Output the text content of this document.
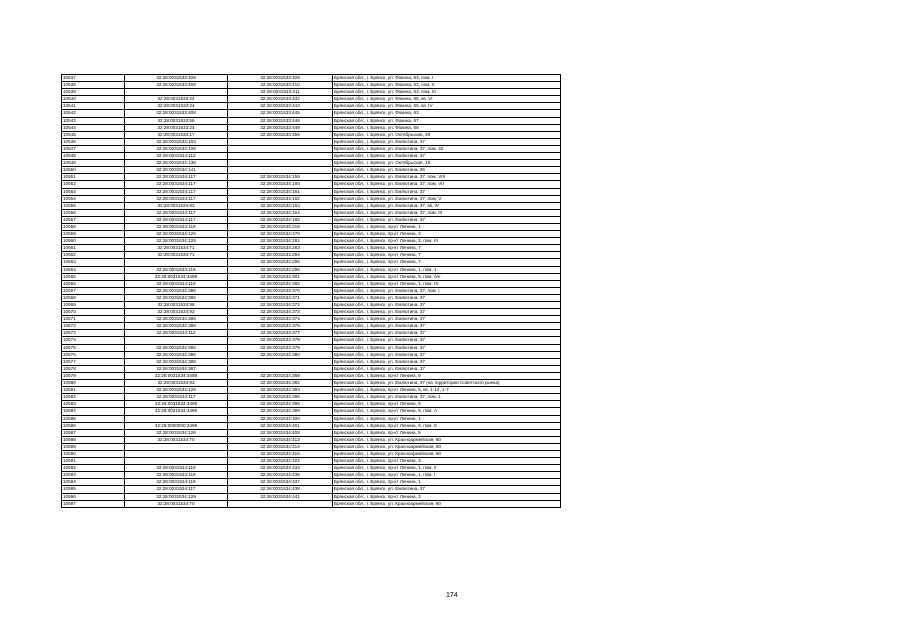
10537	32:28:0031533:408	32:28:0031533:409	Брянская обл., г. Брянск, ул. Фокина, 63, пом. I
10538	32:28:0031533:408	32:28:0031533:410	Брянская обл., г. Брянск, ул. Фокина, 63, пом. II
10539		32:28:0031533:411	Брянская обл., г. Брянск, ул. Фокина, 63, пом. III
10540	32:28:0031533:24	32:28:0031533:442	Брянская обл., г. Брянск, ул. Фокина, 65, кв. VI
10541	32:28:0031533:24	32:28:0031533:443	Брянская обл., г. Брянск, ул. Фокина, 65, кв. IV
10542	32:28:0031533:408	32:28:0031533:445	Брянская обл., г. Брянск, ул. Фокина, 63
10543	32:28:0031533:58	32:28:0031533:446	Брянская обл., г. Брянск, ул. Фокина, 67
10544	32:28:0031533:24	32:28:0031533:449	Брянская обл., г. Брянск, ул. Фокина, 65
10545	32:28:0031533:17	32:28:0031533:456	Брянская обл., г. Брянск, ул. Октябрьская, 39
10546	32:28:0031534:103		Брянская обл., г. Брянск, ул. Емлютина, 37
10547	32:28:0031534:106		Брянская обл., г. Брянск, ул. Емлютина, 37, пом. 42
10548	32:28:0031534:112		Брянская обл., г. Брянск, ул. Емлютина, 37
10549	32:28:0031534:138		Брянская обл., г. Брянск, ул. Октябрьская, 16
10550	32:28:0031534:141		Брянская обл., г. Брянск, ул. Емлютина, 35
10551	32:28:0031534:117	32:28:0031534:159	Брянская обл., г. Брянск, ул. Емлютина, 37, пом. VIII
10552	32:28:0031534:117	32:28:0031534:160	Брянская обл., г. Брянск, ул. Емлютина, 37, пом. VII
10553	32:28:0031534:117	32:28:0031534:161	Брянская обл., г. Брянск, ул. Емлютина, 37
10554	32:28:0031534:117	32:28:0031534:162	Брянская обл., г. Брянск, ул. Емлютина, 37, пом. V
10555	32:28:0031534:93	32:28:0031534:163	Брянская обл., г. Брянск, ул. Емлютина, 37, кв. IV
10556	32:28:0031534:117	32:28:0031534:164	Брянская обл., г. Брянск, ул. Емлютина, 37, пом. III
10557	32:28:0031534:117	32:28:0031534:165	Брянская обл., г. Брянск, ул. Емлютина, 37
10558	32:28:0031534:119	32:28:0031534:218	Брянская обл., г. Брянск, пр-кт Ленина, 1
10559	32:28:0031534:129	32:28:0031534:279	Брянская обл., г. Брянск, пр-кт Ленина, 3
10560	32:28:0031534:129	32:28:0031534:281	Брянская обл., г. Брянск, пр-кт Ленина, 3, пом. III
10561	32:28:0031534:71	32:28:0031534:283	Брянская обл., г. Брянск, пр-кт Ленина, 7
10562	32:28:0031534:71	32:28:0031534:294	Брянская обл., г. Брянск, пр-кт Ленина, 7
10563		32:28:0031534:295	Брянская обл., г. Брянск, пр-кт Ленина, 7
10564	32:28:0031534:119	32:28:0031534:296	Брянская обл., г. Брянск, пр-кт Ленина, 1, пом. 1
10565	32:28:0031534:3499	32:28:0031534:301	Брянская обл., г. Брянск, пр-кт Ленина, 9, пом. б/н
10566	32:28:0031534:119	32:28:0031534:365	Брянская обл., г. Брянск, пр-кт Ленина, 1, пом. IX
10567	32:28:0031534:386	32:28:0031534:370	Брянская обл., г. Брянск, ул. Емлютина, 37, пом. I
10568	32:28:0031534:386	32:28:0031534:371	Брянская обл., г. Брянск, ул. Емлютина, 37
10569	32:28:0031534:98	32:28:0031534:372	Брянская обл., г. Брянск, ул. Емлютина, 37
10570	32:28:0031534:92	32:28:0031534:373	Брянская обл., г. Брянск, ул. Емлютина, 37
10571	32:28:0031534:386	32:28:0031534:374	Брянская обл., г. Брянск, ул. Емлютина, 37
10572	32:28:0031534:388	32:28:0031534:376	Брянская обл., г. Брянск, ул. Емлютина, 37
10573	32:28:0031534:112	32:28:0031534:377	Брянская обл., г. Брянск, ул. Емлютина, 37
10574		32:28:0031534:378	Брянская обл., г. Брянск, ул. Емлютина, 37
10575	32:28:0031534:386	32:28:0031534:379	Брянская обл., г. Брянск, ул. Емлютина, 37
10576	32:28:0031534:386	32:28:0031534:380	Брянская обл., г. Брянск, ул. Емлютина, 37
10577	32:28:0031534:388		Брянская обл., г. Брянск, ул. Емлютина, 37
10578	32:28:0031534:387		Брянская обл., г. Брянск, ул. Емлютина, 37
10579	32:28:0031534:3499	32:28:0031534:389	Брянская обл., г. Брянск, пр-кт Ленина, 9
10580	32:28:0031534:93	32:28:0031534:392	Брянская обл., г. Брянск, ул. Емлютина, 37 (на территории Советского рынка)
10581	32:28:0031534:128	32:28:0031534:393	Брянская обл., г. Брянск, пр-кт Ленина, 5, кв. 1-12, 1-7
10582	32:28:0031534:117	32:28:0031534:395	Брянская обл., г. Брянск, ул. Емлютина, 37, пом. 1
10583	32:28:0031534:3499	32:28:0031534:396	Брянская обл., г. Брянск, пр-кт Ленина, 9
10584	32:28:0031534:3499	32:28:0031534:399	Брянская обл., г. Брянск, пр-кт Ленина, 9, пом. А
10585		32:28:0031534:400	Брянская обл., г. Брянск, пр-кт Ленина, 1
10586	32:28:0000000:3499	32:28:0031534:401	Брянская обл., г. Брянск, пр-кт Ленина, 9, пом. 0
10587	32:28:0031534:128	32:28:0031534:408	Брянская обл., г. Брянск, пр-кт Ленина, 5
10588	32:28:0031534:70	32:28:0031534:413	Брянская обл., г. Брянск, ул. Красноармейская, 60
10589		32:28:0031534:414	Брянская обл., г. Брянск, ул. Красноармейская, 60
10590		32:28:0031534:415	Брянская обл., г. Брянск, ул. Красноармейская, 60
10591		32:28:0031534:422	Брянская обл., г. Брянск, пр-кт Ленина, 3
10592	32:28:0031534:119	32:28:0031534:434	Брянская обл., г. Брянск, пр-кт Ленина, 1, пом. II
10593	32:28:0031534:119	32:28:0031534:435	Брянская обл., г. Брянск, пр-кт Ленина, 1, пом. I
10594	32:28:0031534:119	32:28:0031534:437	Брянская обл., г. Брянск, пр-кт Ленина, 1
10595	32:28:0031534:117	32:28:0031534:438	Брянская обл., г. Брянск, ул. Емлютина, 37
10596	32:28:0031534:129	32:28:0031534:441	Брянская обл., г. Брянск, пр-кт Ленина, 3
10597	32:28:0031534:70		Брянская обл., г. Брянск, ул. Красноармейская, 60
174
